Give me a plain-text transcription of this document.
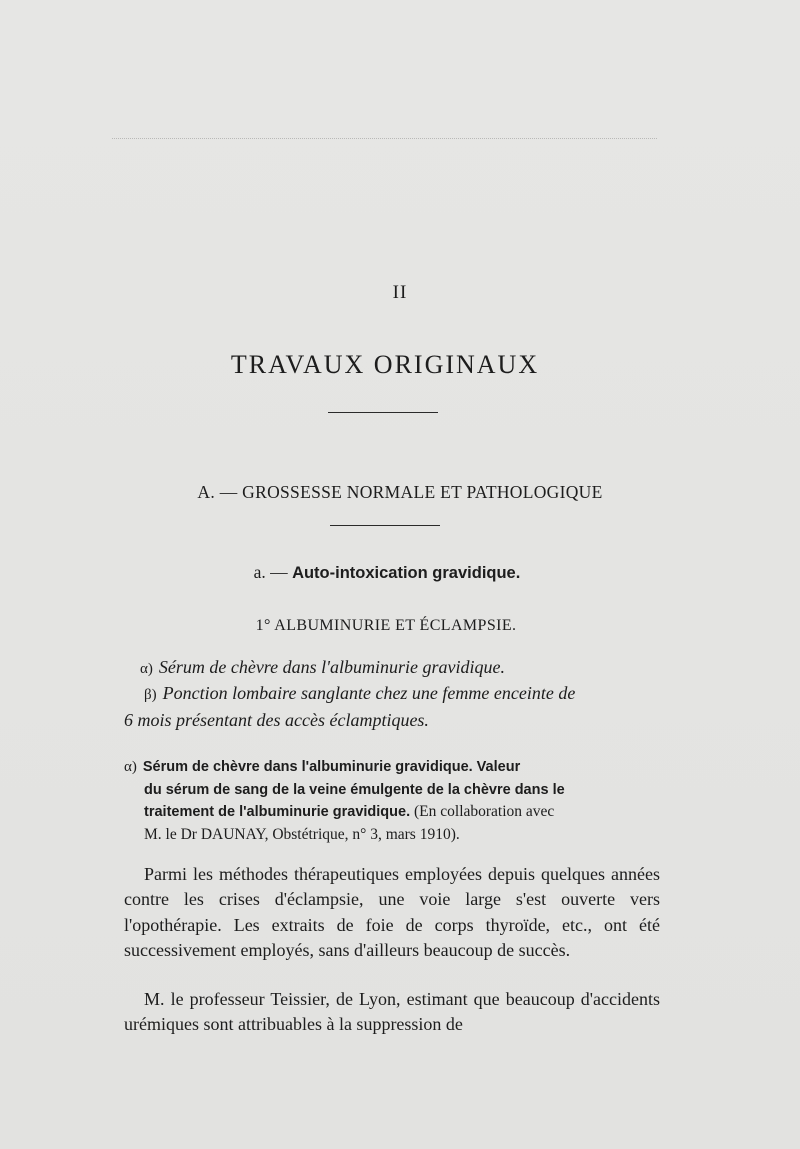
II
TRAVAUX ORIGINAUX
A. — GROSSESSE NORMALE ET PATHOLOGIQUE
a. — Auto-intoxication gravidique.
1° ALBUMINURIE ET ÉCLAMPSIE.
α) Sérum de chèvre dans l'albuminurie gravidique.
β) Ponction lombaire sanglante chez une femme enceinte de
6 mois présentant des accès éclamptiques.
α) Sérum de chèvre dans l'albuminurie gravidique. Valeur
du sérum de sang de la veine émulgente de la chèvre dans le
traitement de l'albuminurie gravidique. (En collaboration avec
M. le Dr DAUNAY, Obstétrique, n° 3, mars 1910).
Parmi les méthodes thérapeutiques employées depuis quelques années contre les crises d'éclampsie, une voie large s'est ouverte vers l'opothérapie. Les extraits de foie de corps thyroïde, etc., ont été successivement employés, sans d'ailleurs beaucoup de succès.
M. le professeur Teissier, de Lyon, estimant que beaucoup d'accidents urémiques sont attribuables à la suppression de
